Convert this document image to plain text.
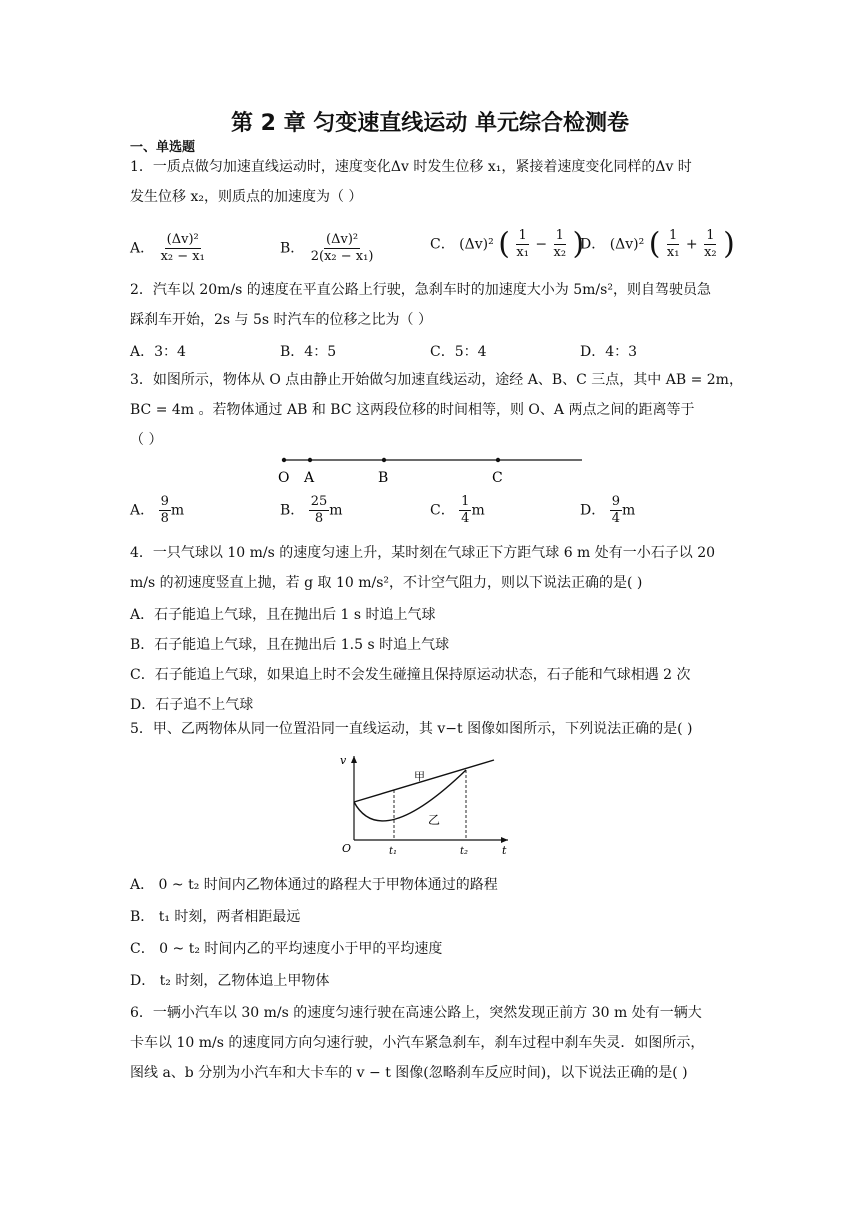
第 2 章 匀变速直线运动 单元综合检测卷
一、单选题
1．一质点做匀加速直线运动时，速度变化Δv 时发生位移 x₁，紧接着速度变化同样的Δv 时
发生位移 x₂，则质点的加速度为（ ）
A． $\frac{\text{(Δv)²}}{\text{x₂ − x₁}}$	B． $\frac{\text{(Δv)²}}{\text{2(x₂ − x₁)}}$	C． (Δv)² ( $\frac{1}{\text{x₁}} - \frac{1}{\text{x₂}}$ )
D． (Δv)² ( $\frac{1}{\text{x₁}} + \frac{1}{\text{x₂}}$ )
2．汽车以 20m/s 的速度在平直公路上行驶，急刹车时的加速度大小为 5m/s²，则自驾驶员急
踩刹车开始，2s 与 5s 时汽车的位移之比为（ ）
A．3：4	B．4：5	C．5：4	D．4：3
3．如图所示，物体从 O 点由静止开始做匀加速直线运动，途经 A、B、C 三点，其中 AB = 2m，
BC = 4m 。若物体通过 AB 和 BC 这两段位移的时间相等，则 O、A 两点之间的距离等于
（ ）
O A	B	C
A． $\frac{9}{8}$ m	B． $\frac{25}{8}$ m	C． $\frac{1}{4}$ m	D． $\frac{9}{4}$ m
4．一只气球以 10 m/s 的速度匀速上升，某时刻在气球正下方距气球 6 m 处有一小石子以 20
m/s 的初速度竖直上抛，若 g 取 10 m/s²，不计空气阻力，则以下说法正确的是( )
A．石子能追上气球，且在抛出后 1 s 时追上气球
B．石子能追上气球，且在抛出后 1.5 s 时追上气球
C．石子能追上气球，如果追上时不会发生碰撞且保持原运动状态，石子能和气球相遇 2 次
D．石子追不上气球
5．甲、乙两物体从同一位置沿同一直线运动，其 v−t 图像如图所示，下列说法正确的是( )
v
t
O	t₁	t₂
甲
乙
A． 0 ~ t₂ 时间内乙物体通过的路程大于甲物体通过的路程
B． t₁ 时刻，两者相距最远
C． 0 ~ t₂ 时间内乙的平均速度小于甲的平均速度
D． t₂ 时刻，乙物体追上甲物体
6．一辆小汽车以 30 m/s 的速度匀速行驶在高速公路上，突然发现正前方 30 m 处有一辆大
卡车以 10 m/s 的速度同方向匀速行驶，小汽车紧急刹车，刹车过程中刹车失灵．如图所示，
图线 a、b 分别为小汽车和大卡车的 v − t 图像(忽略刹车反应时间)，以下说法正确的是( )
